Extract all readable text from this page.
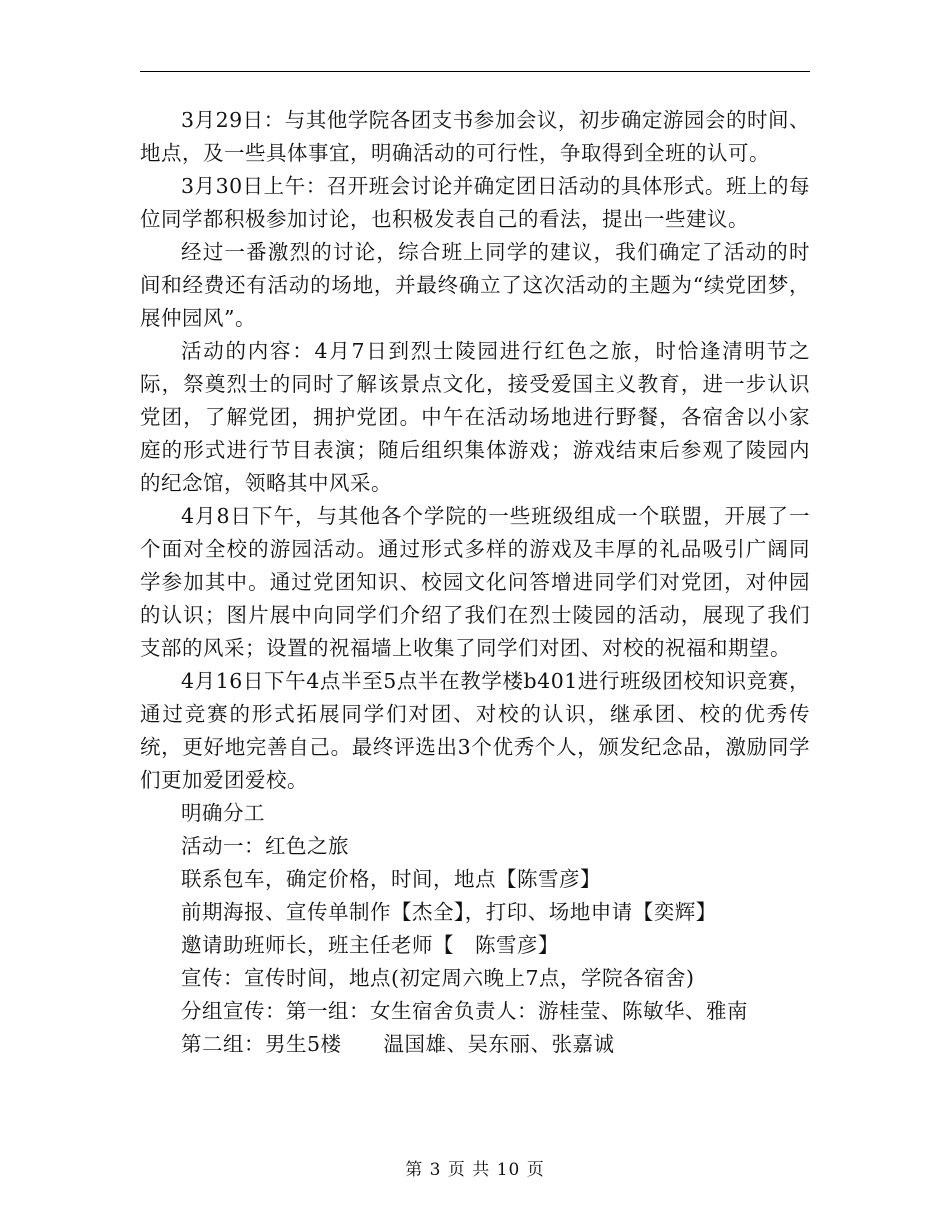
3月29日：与其他学院各团支书参加会议，初步确定游园会的时间、地点，及一些具体事宜，明确活动的可行性，争取得到全班的认可。

3月30日上午：召开班会讨论并确定团日活动的具体形式。班上的每位同学都积极参加讨论，也积极发表自己的看法，提出一些建议。

经过一番激烈的讨论，综合班上同学的建议，我们确定了活动的时间和经费还有活动的场地，并最终确立了这次活动的主题为“续党团梦，展仲园风”。

活动的内容：4月7日到烈士陵园进行红色之旅，时恰逢清明节之际，祭奠烈士的同时了解该景点文化，接受爱国主义教育，进一步认识党团，了解党团，拥护党团。中午在活动场地进行野餐，各宿舍以小家庭的形式进行节目表演；随后组织集体游戏；游戏结束后参观了陵园内的纪念馆，领略其中风采。

4月8日下午，与其他各个学院的一些班级组成一个联盟，开展了一个面对全校的游园活动。通过形式多样的游戏及丰厚的礼品吸引广阔同学参加其中。通过党团知识、校园文化问答增进同学们对党团，对仲园的认识；图片展中向同学们介绍了我们在烈士陵园的活动，展现了我们支部的风采；设置的祝福墙上收集了同学们对团、对校的祝福和期望。

4月16日下午4点半至5点半在教学楼b401进行班级团校知识竞赛，通过竞赛的形式拓展同学们对团、对校的认识，继承团、校的优秀传统，更好地完善自己。最终评选出3个优秀个人，颁发纪念品，激励同学们更加爱团爱校。

明确分工
活动一：红色之旅
联系包车，确定价格，时间，地点【陈雪彦】
前期海报、宣传单制作【杰全】，打印、场地申请【奕辉】
邀请助班师长，班主任老师【　陈雪彦】
宣传：宣传时间，地点(初定周六晚上7点，学院各宿舍)
分组宣传：第一组：女生宿舍负责人：游桂莹、陈敏华、雅南
第二组：男生5楼　　温国雄、吴东丽、张嘉诚
第 3 页 共 10 页
